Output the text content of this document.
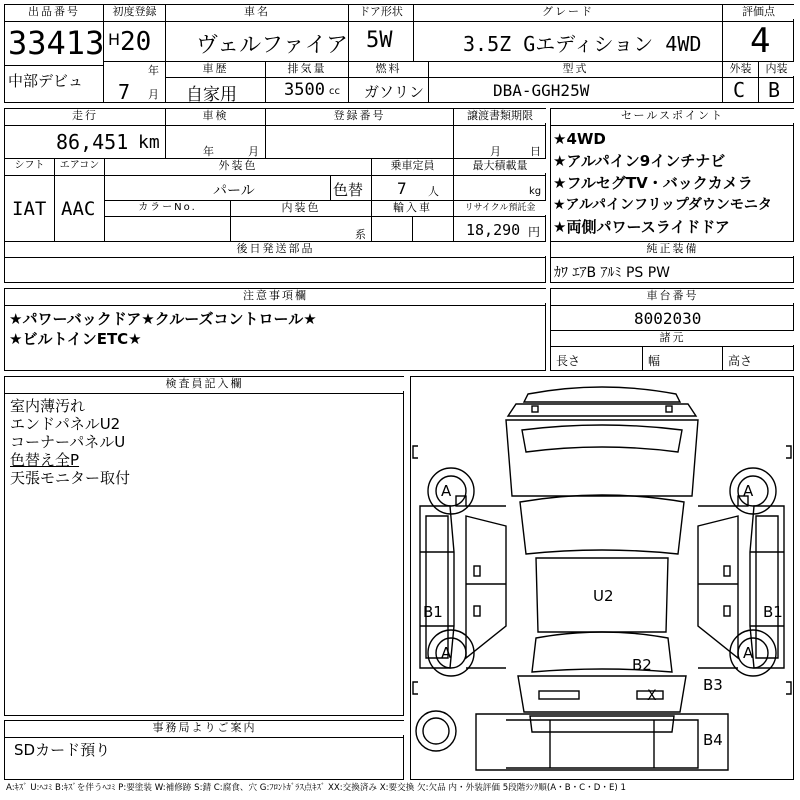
出品番号
33413
中部デビュ
初度登録
H 20
年
7 月
車名
ヴェルファイア
ドア形状
5W
グレード
3.5Z Gエディション 4WD
評価点
4
車歴
自家用
排気量
3500 cc
燃料
ガソリン
型式
DBA-GGH25W
外装	内装
C B
走行
86,451 km
車検
年	月
登録番号	譲渡書類期限
月	日
シフト
IAT
エアコン
AAC
外装色
パール	色替
乗車定員
7 人
最大積載量
kg
カラーNo.	内装色
系
輸入車	リサイクル預託金
18,290 円
後日発送部品
セールスポイント
★4WD
★アルパイン9インチナビ
★フルセグTV・バックカメラ
★アルパインフリップダウンモニタ
★両側パワースライドドア
純正装備
ｶﾜ ｴｱB ｱﾙﾐ PS PW
注意事項欄
★パワーバックドア★クルーズコントロール★
★ビルトインETC★
車台番号
8002030
諸元
長さ	幅	高さ
検査員記入欄
室内薄汚れ
エンドパネルU2
コーナーパネルU
色替え全P
天張モニター取付
事務局よりご案内
SDカード預り
A	A
A	A
U2
B1	B1
B2
B3
X
B4
A:ｷｽﾞ U:ﾍｺﾐ B:ｷｽﾞを伴うﾍｺﾐ P:要塗装 W:補修跡 S:錆 C:腐食、穴 G:ﾌﾛﾝﾄｶﾞﾗｽ点ｷｽﾞ XX:交換済み X:要交換 欠:欠品 内・外装評価 5段階ﾗﾝｸ順(A・B・C・D・E) 1
